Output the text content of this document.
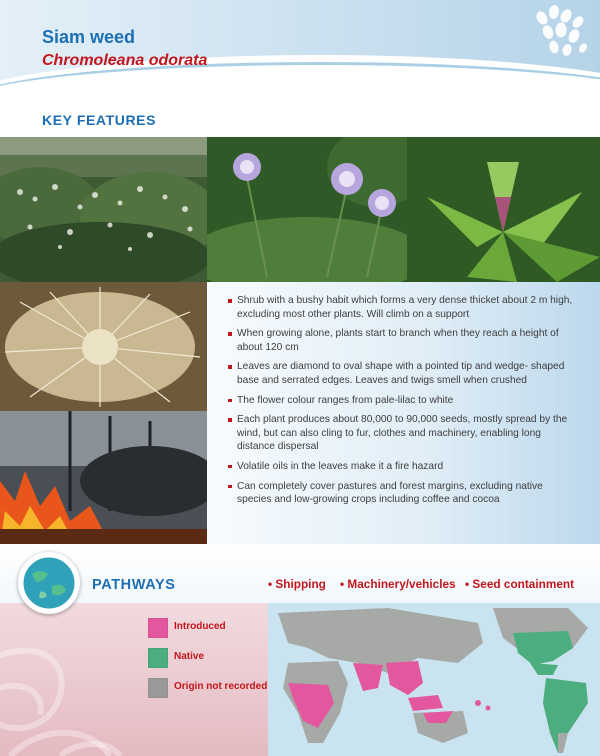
Siam weed
Chromoleana odorata
KEY FEATURES
Shrub with a bushy habit which forms a very dense thicket about 2 m high, excluding most other plants. Will climb on a support
When growing alone, plants start to branch when they reach a height of about 120 cm
Leaves are diamond to oval shape with a pointed tip and wedge- shaped base and serrated edges. Leaves and twigs smell when crushed
The flower colour ranges from pale-lilac to white
Each plant produces about 80,000 to 90,000 seeds, mostly spread by the wind, but can also cling to fur, clothes and machinery, enabling long distance dispersal
Volatile oils in the leaves make it a fire hazard
Can completely cover pastures and forest margins, excluding native species and low-growing crops including coffee and cocoa
PATHWAYS	• Shipping • Machinery/vehicles • Seed containment
Introduced
Native
Origin not recorded
